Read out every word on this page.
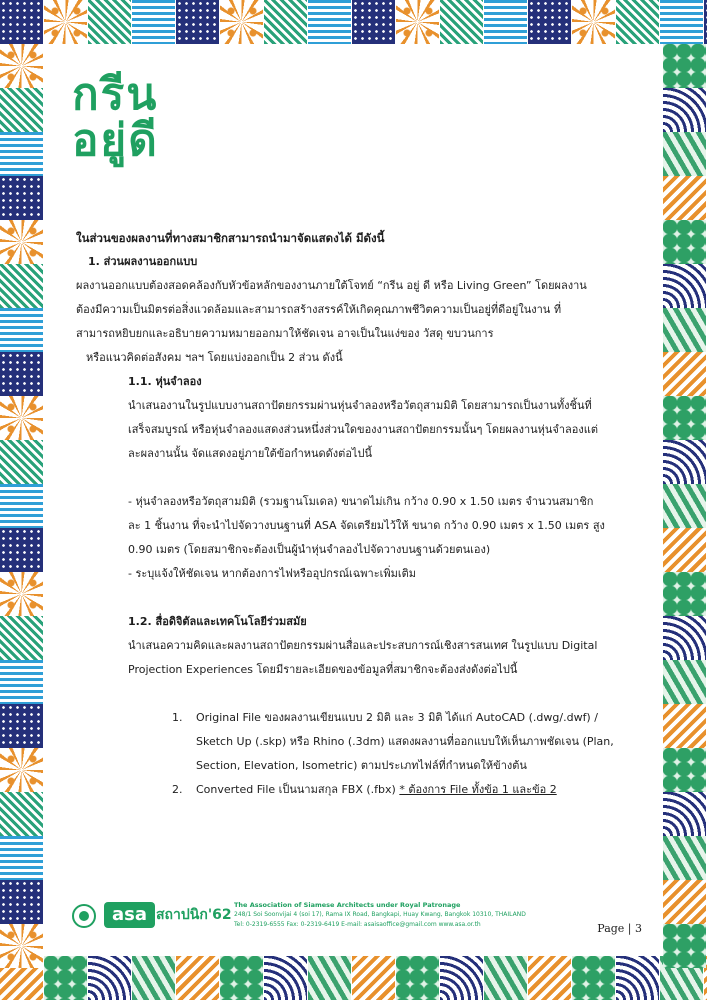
กรีน
อยู่ดี
ในส่วนของผลงานที่ทางสมาชิกสามารถนำมาจัดแสดงได้ มีดังนี้
1. ส่วนผลงานออกแบบ
ผลงานออกแบบต้องสอดคล้องกับหัวข้อหลักของงานภายใต้โจทย์ “กรีน อยู่ ดี หรือ Living Green” โดยผลงาน
ต้องมีความเป็นมิตรต่อสิ่งแวดล้อมและสามารถสร้างสรรค์ให้เกิดคุณภาพชีวิตความเป็นอยู่ที่ดีอยู่ในงาน ที่
สามารถหยิบยกและอธิบายความหมายออกมาให้ชัดเจน อาจเป็นในแง่ของ วัสดุ ขบวนการ
หรือแนวคิดต่อสังคม ฯลฯ โดยแบ่งออกเป็น 2 ส่วน ดังนี้
1.1. หุ่นจำลอง
นำเสนองานในรูปแบบงานสถาปัตยกรรมผ่านหุ่นจำลองหรือวัตถุสามมิติ โดยสามารถเป็นงานทั้งชิ้นที่
เสร็จสมบูรณ์ หรือหุ่นจำลองแสดงส่วนหนึ่งส่วนใดของงานสถาปัตยกรรมนั้นๆ โดยผลงานหุ่นจำลองแต่
ละผลงานนั้น จัดแสดงอยู่ภายใต้ข้อกำหนดดังต่อไปนี้
- หุ่นจำลองหรือวัตถุสามมิติ (รวมฐานโมเดล) ขนาดไม่เกิน กว้าง 0.90 x 1.50 เมตร จำนวนสมาชิก
ละ 1 ชิ้นงาน ที่จะนำไปจัดวางบนฐานที่ ASA จัดเตรียมไว้ให้ ขนาด กว้าง 0.90 เมตร x 1.50 เมตร สูง
0.90 เมตร (โดยสมาชิกจะต้องเป็นผู้นำหุ่นจำลองไปจัดวางบนฐานด้วยตนเอง)
- ระบุแจ้งให้ชัดเจน หากต้องการไฟหรืออุปกรณ์เฉพาะเพิ่มเติม
1.2. สื่อดิจิตัลและเทคโนโลยีร่วมสมัย
นำเสนอความคิดและผลงานสถาปัตยกรรมผ่านสื่อและประสบการณ์เชิงสารสนเทศ ในรูปแบบ Digital
Projection Experiences โดยมีรายละเอียดของข้อมูลที่สมาชิกจะต้องส่งดังต่อไปนี้
1.	Original File ของผลงานเขียนแบบ 2 มิติ และ 3 มิติ ได้แก่ AutoCAD (.dwg/.dwf) /
Sketch Up (.skp) หรือ Rhino (.3dm) แสดงผลงานที่ออกแบบให้เห็นภาพชัดเจน (Plan,
Section, Elevation, Isometric) ตามประเภทไฟล์ที่กำหนดให้ข้างต้น
2.	Converted File เป็นนามสกุล FBX (.fbx) * ต้องการ File ทั้งข้อ 1 และข้อ 2
asa สถาปนิก'62
The Association of Siamese Architects under Royal Patronage
248/1 Soi Soonvijai 4 (soi 17), Rama IX Road, Bangkapi, Huay Kwang, Bangkok 10310, THAILAND
Tel: 0-2319-6555 Fax: 0-2319-6419 E-mail: asaisaoffice@gmail.com www.asa.or.th	Page | 3
